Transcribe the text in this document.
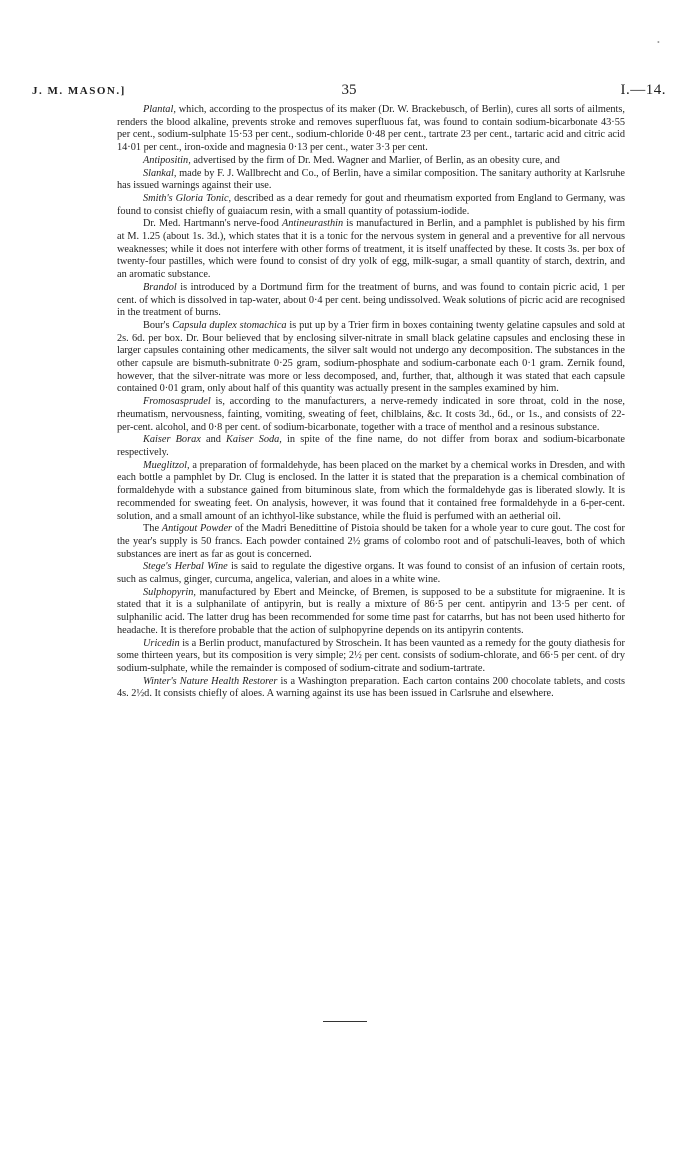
•
J. M. MASON.]	35	I.—14.

Plantal, which, according to the prospectus of its maker (Dr. W. Brackebusch, of Berlin), cures all sorts of ailments, renders the blood alkaline, prevents stroke and removes superfluous fat, was found to contain sodium-bicarbonate 43·55 per cent., sodium-sulphate 15·53 per cent., sodium-chloride 0·48 per cent., tartrate 23 per cent., tartaric acid and citric acid 14·01 per cent., iron-oxide and magnesia 0·13 per cent., water 3·3 per cent.

Antipositin, advertised by the firm of Dr. Med. Wagner and Marlier, of Berlin, as an obesity cure, and

Slankal, made by F. J. Wallbrecht and Co., of Berlin, have a similar composition. The sanitary authority at Karlsruhe has issued warnings against their use.

Smith's Gloria Tonic, described as a dear remedy for gout and rheumatism exported from England to Germany, was found to consist chiefly of guaiacum resin, with a small quantity of potassium-iodide.

Dr. Med. Hartmann's nerve-food Antineurasthin is manufactured in Berlin, and a pamphlet is published by his firm at M. 1.25 (about 1s. 3d.), which states that it is a tonic for the nervous system in general and a preventive for all nervous weaknesses; while it does not interfere with other forms of treatment, it is itself unaffected by these. It costs 3s. per box of twenty-four pastilles, which were found to consist of dry yolk of egg, milk-sugar, a small quantity of starch, dextrin, and an aromatic substance.

Brandol is introduced by a Dortmund firm for the treatment of burns, and was found to contain picric acid, 1 per cent. of which is dissolved in tap-water, about 0·4 per cent. being undissolved. Weak solutions of picric acid are recognised in the treatment of burns.

Bour's Capsula duplex stomachica is put up by a Trier firm in boxes containing twenty gelatine capsules and sold at 2s. 6d. per box. Dr. Bour believed that by enclosing silver-nitrate in small black gelatine capsules and enclosing these in larger capsules containing other medicaments, the silver salt would not undergo any decomposition. The substances in the other capsule are bismuth-subnitrate 0·25 gram, sodium-phosphate and sodium-carbonate each 0·1 gram. Zernik found, however, that the silver-nitrate was more or less decomposed, and, further, that, although it was stated that each capsule contained 0·01 gram, only about half of this quantity was actually present in the samples examined by him.

Fromosasprudel is, according to the manufacturers, a nerve-remedy indicated in sore throat, cold in the nose, rheumatism, nervousness, fainting, vomiting, sweating of feet, chilblains, &c. It costs 3d., 6d., or 1s., and consists of 22-per-cent. alcohol, and 0·8 per cent. of sodium-bicarbonate, together with a trace of menthol and a resinous substance.

Kaiser Borax and Kaiser Soda, in spite of the fine name, do not differ from borax and sodium-bicarbonate respectively.

Mueglitzol, a preparation of formaldehyde, has been placed on the market by a chemical works in Dresden, and with each bottle a pamphlet by Dr. Clug is enclosed. In the latter it is stated that the preparation is a chemical combination of formaldehyde with a substance gained from bituminous slate, from which the formaldehyde gas is liberated slowly. It is recommended for sweating feet. On analysis, however, it was found that it contained free formaldehyde in a 6-per-cent. solution, and a small amount of an ichthyol-like substance, while the fluid is perfumed with an aetherial oil.

The Antigout Powder of the Madri Benedittine of Pistoia should be taken for a whole year to cure gout. The cost for the year's supply is 50 francs. Each powder contained 2½ grams of colombo root and of patschuli-leaves, both of which substances are inert as far as gout is concerned.

Stege's Herbal Wine is said to regulate the digestive organs. It was found to consist of an infusion of certain roots, such as calmus, ginger, curcuma, angelica, valerian, and aloes in a white wine.

Sulphopyrin, manufactured by Ebert and Meincke, of Bremen, is supposed to be a substitute for migraenine. It is stated that it is a sulphanilate of antipyrin, but is really a mixture of 86·5 per cent. antipyrin and 13·5 per cent. of sulphanilic acid. The latter drug has been recommended for some time past for catarrhs, but has not been used hitherto for headache. It is therefore probable that the action of sulphopyrine depends on its antipyrin contents.

Uricedin is a Berlin product, manufactured by Stroschein. It has been vaunted as a remedy for the gouty diathesis for some thirteen years, but its composition is very simple; 2½ per cent. consists of sodium-chlorate, and 66·5 per cent. of dry sodium-sulphate, while the remainder is composed of sodium-citrate and sodium-tartrate.

Winter's Nature Health Restorer is a Washington preparation. Each carton contains 200 chocolate tablets, and costs 4s. 2½d. It consists chiefly of aloes. A warning against its use has been issued in Carlsruhe and elsewhere.
